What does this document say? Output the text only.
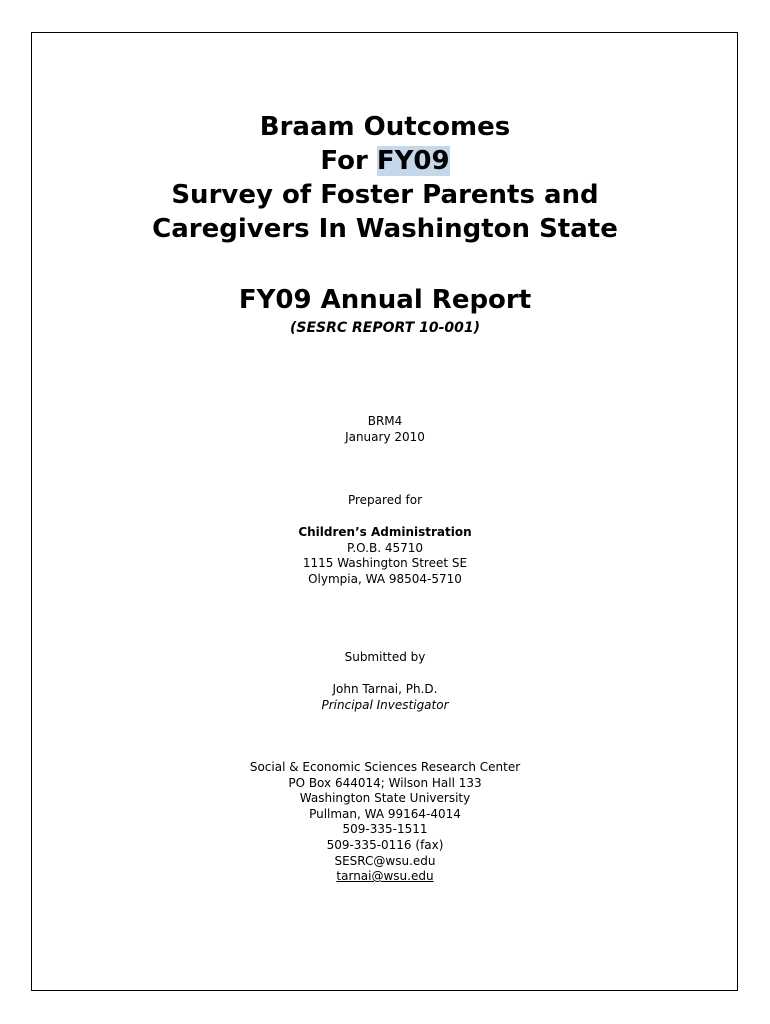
Braam Outcomes
For FY09
Survey of Foster Parents and
Caregivers In Washington State
FY09 Annual Report
(SESRC REPORT 10-001)
BRM4
January 2010
Prepared for
Children’s Administration
P.O.B. 45710
1115 Washington Street SE
Olympia, WA 98504-5710
Submitted by
John Tarnai, Ph.D.
Principal Investigator
Social & Economic Sciences Research Center
PO Box 644014; Wilson Hall 133
Washington State University
Pullman, WA 99164-4014
509-335-1511
509-335-0116 (fax)
SESRC@wsu.edu
tarnai@wsu.edu
